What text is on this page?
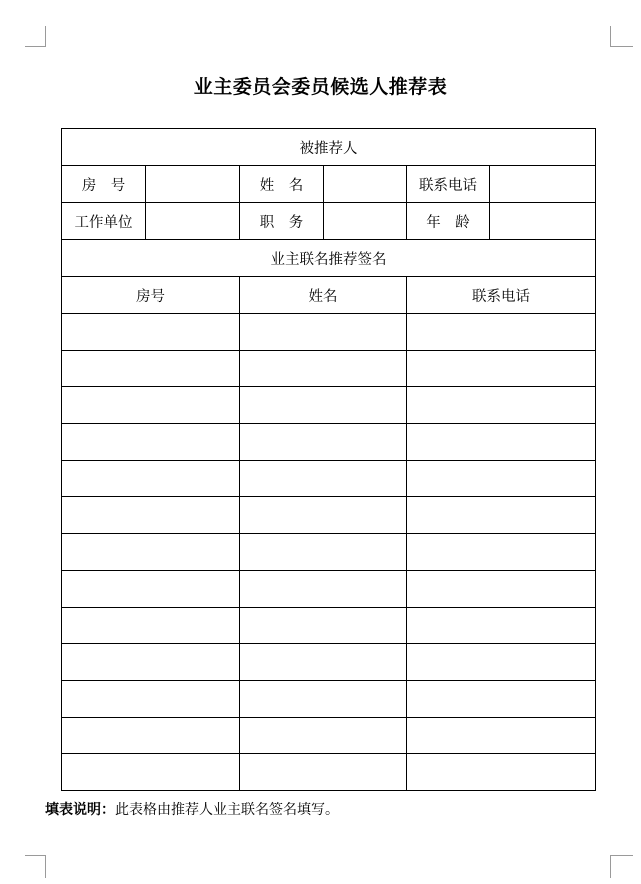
业主委员会委员候选人推荐表
被推荐人					
房　号		姓　名		联系电话	
工作单位		职　务		年　龄	
业主联名推荐签名					
房号		姓名		联系电话	

填表说明：此表格由推荐人业主联名签名填写。
